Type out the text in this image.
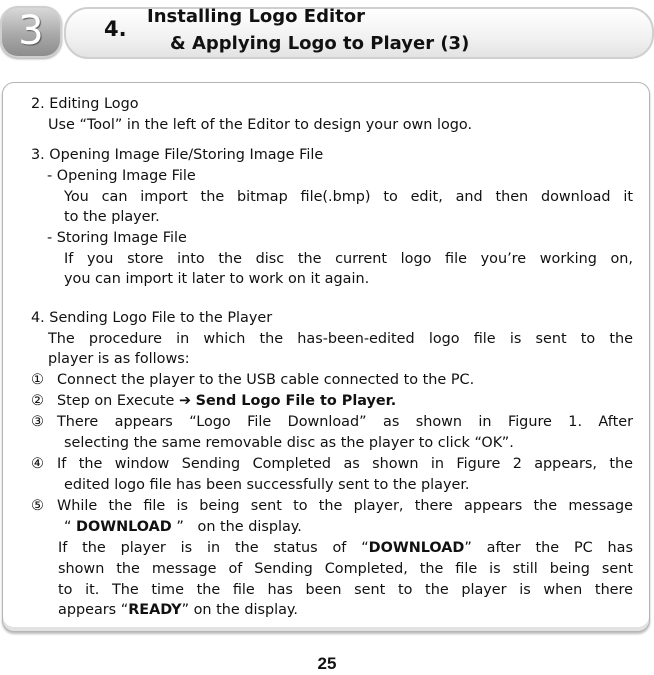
3	4.
Installing Logo Editor
& Applying Logo to Player (3)
2. Editing Logo
Use “Tool” in the left of the Editor to design your own logo.
3. Opening Image File/Storing Image File
- Opening Image File
You can import the bitmap file(.bmp) to edit, and then download it
to the player.
- Storing Image File
If you store into the disc the current logo file you’re working on,
you can import it later to work on it again.
4. Sending Logo File to the Player
The procedure in which the has-been-edited logo file is sent to the
player is as follows:
① Connect the player to the USB cable connected to the PC.
② Step on Execute ➔ Send Logo File to Player.
③ There appears “Logo File Download” as shown in Figure 1. After
selecting the same removable disc as the player to click “OK”.
④ If the window Sending Completed as shown in Figure 2 appears, the
edited logo file has been successfully sent to the player.
⑤ While the file is being sent to the player, there appears the message
“ DOWNLOAD ” on the display.
If the player is in the status of “DOWNLOAD” after the PC has
shown the message of Sending Completed, the file is still being sent
to it. The time the file has been sent to the player is when there
appears “READY” on the display.
25
